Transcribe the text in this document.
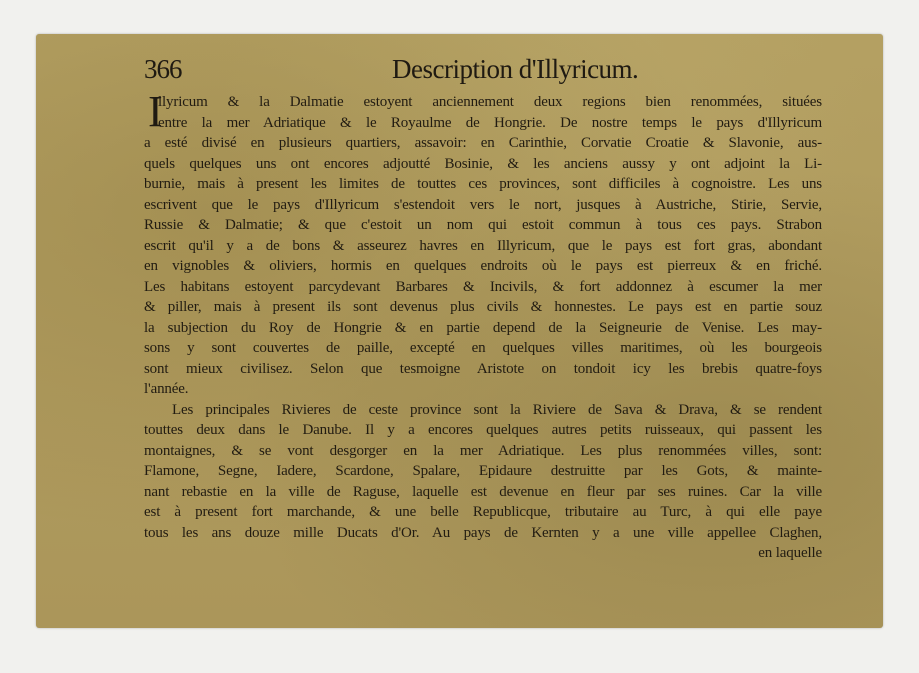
366	Description d'Illyricum.
I
llyricum & la Dalmatie estoyent anciennement deux regions bien renommées, situées
entre la mer Adriatique & le Royaulme de Hongrie. De nostre temps le pays d'Illyricum
a esté divisé en plusieurs quartiers, assavoir: en Carinthie, Corvatie Croatie & Slavonie, aus-
quels quelques uns ont encores adjoutté Bosinie, & les anciens aussy y ont adjoint la Li-
burnie, mais à present les limites de touttes ces provinces, sont difficiles à cognoistre. Les uns
escrivent que le pays d'Illyricum s'estendoit vers le nort, jusques à Austriche, Stirie, Servie,
Russie & Dalmatie; & que c'estoit un nom qui estoit commun à tous ces pays. Strabon
escrit qu'il y a de bons & asseurez havres en Illyricum, que le pays est fort gras, abondant
en vignobles & oliviers, hormis en quelques endroits où le pays est pierreux & en friché.
Les habitans estoyent parcydevant Barbares & Incivils, & fort addonnez à escumer la mer
& piller, mais à present ils sont devenus plus civils & honnestes. Le pays est en partie souz
la subjection du Roy de Hongrie & en partie depend de la Seigneurie de Venise. Les may-
sons y sont couvertes de paille, excepté en quelques villes maritimes, où les bourgeois
sont mieux civilisez. Selon que tesmoigne Aristote on tondoit icy les brebis quatre-foys
l'année.
Les principales Rivieres de ceste province sont la Riviere de Sava & Drava, & se rendent
touttes deux dans le Danube. Il y a encores quelques autres petits ruisseaux, qui passent les
montaignes, & se vont desgorger en la mer Adriatique. Les plus renommées villes, sont:
Flamone, Segne, Iadere, Scardone, Spalare, Epidaure destruitte par les Gots, & mainte-
nant rebastie en la ville de Raguse, laquelle est devenue en fleur par ses ruines. Car la ville
est à present fort marchande, & une belle Republicque, tributaire au Turc, à qui elle paye
tous les ans douze mille Ducats d'Or. Au pays de Kernten y a une ville appellee Claghen,
en laquelle
